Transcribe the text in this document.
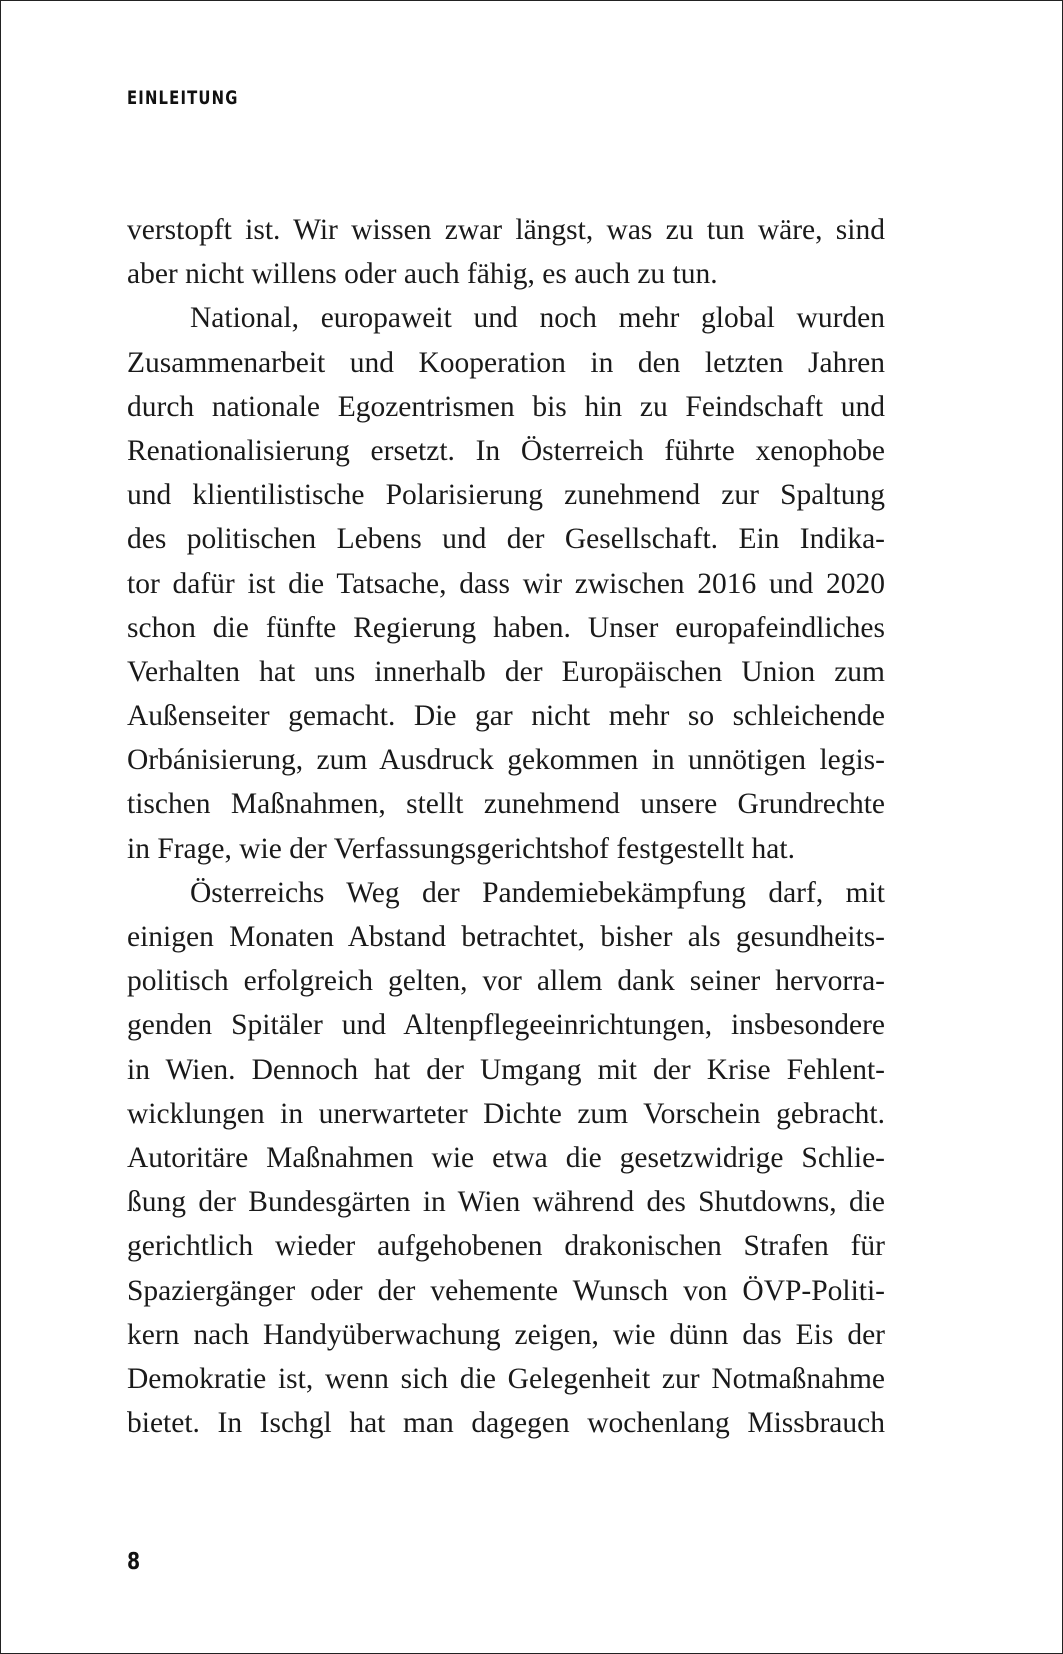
EINLEITUNG
verstopft ist. Wir wissen zwar längst, was zu tun wäre, sind
aber nicht willens oder auch fähig, es auch zu tun.
National, europaweit und noch mehr global wurden
Zusammenarbeit und Kooperation in den letzten Jahren
durch nationale Egozentrismen bis hin zu Feindschaft und
Renationalisierung ersetzt. In Österreich führte xenophobe
und klientilistische Polarisierung zunehmend zur Spaltung
des politischen Lebens und der Gesellschaft. Ein Indika-
tor dafür ist die Tatsache, dass wir zwischen 2016 und 2020
schon die fünfte Regierung haben. Unser europafeindliches
Verhalten hat uns innerhalb der Europäischen Union zum
Außenseiter gemacht. Die gar nicht mehr so schleichende
Orbánisierung, zum Ausdruck gekommen in unnötigen legis-
tischen Maßnahmen, stellt zunehmend unsere Grundrechte
in Frage, wie der Verfassungsgerichtshof festgestellt hat.
Österreichs Weg der Pandemiebekämpfung darf, mit
einigen Monaten Abstand betrachtet, bisher als gesundheits-
politisch erfolgreich gelten, vor allem dank seiner hervorra-
genden Spitäler und Altenpflegeeinrichtungen, insbesondere
in Wien. Dennoch hat der Umgang mit der Krise Fehlent-
wicklungen in unerwarteter Dichte zum Vorschein gebracht.
Autoritäre Maßnahmen wie etwa die gesetzwidrige Schlie-
ßung der Bundesgärten in Wien während des Shutdowns, die
gerichtlich wieder aufgehobenen drakonischen Strafen für
Spaziergänger oder der vehemente Wunsch von ÖVP-Politi-
kern nach Handyüberwachung zeigen, wie dünn das Eis der
Demokratie ist, wenn sich die Gelegenheit zur Notmaßnahme
bietet. In Ischgl hat man dagegen wochenlang Missbrauch
8
